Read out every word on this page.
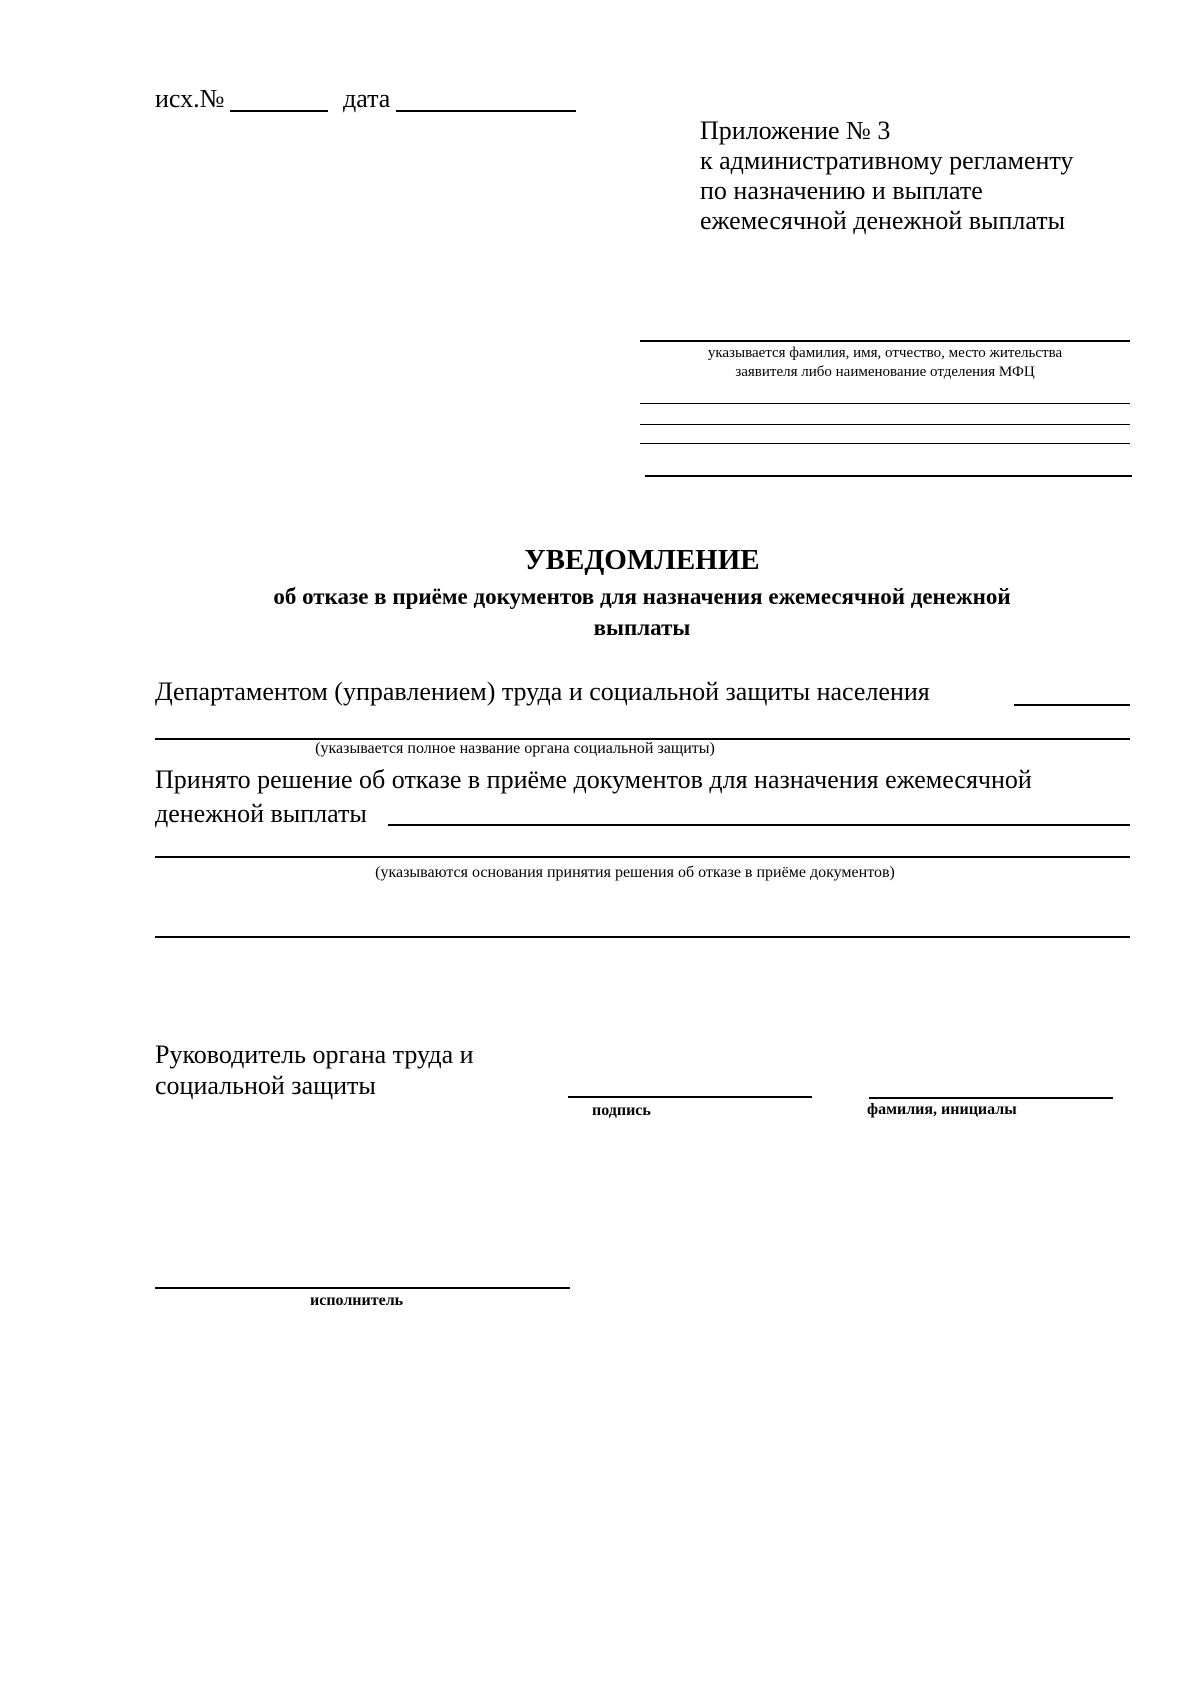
исх.№	дата
Приложение № 3
к административному регламенту
по назначению и выплате
ежемесячной денежной выплаты
указывается фамилия, имя, отчество, место жительства
заявителя либо наименование отделения МФЦ
УВЕДОМЛЕНИЕ
об отказе в приёме документов для назначения ежемесячной денежной
выплаты
Департаментом (управлением) труда и социальной защиты населения
(указывается полное название органа социальной защиты)
Принято решение об отказе в приёме документов для назначения ежемесячной
денежной выплаты
(указываются основания принятия решения об отказе в приёме документов)
Руководитель органа труда и
социальной защиты
подпись	фамилия, инициалы
исполнитель
